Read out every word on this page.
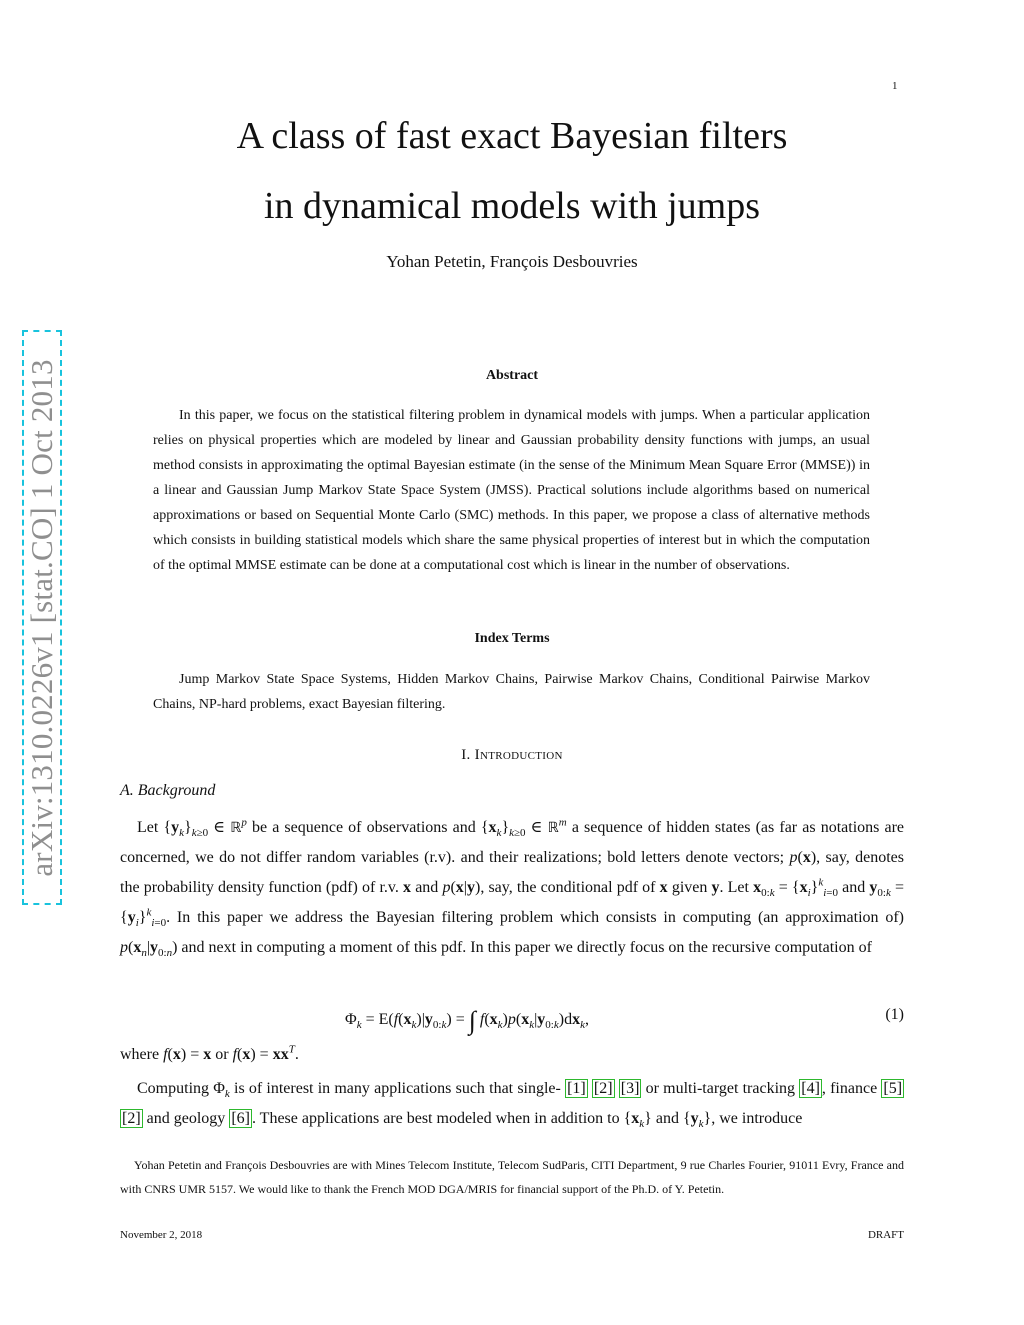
1
A class of fast exact Bayesian filters
in dynamical models with jumps
Yohan Petetin, François Desbouvries
arXiv:1310.0226v1 [stat.CO] 1 Oct 2013	Abstract
In this paper, we focus on the statistical filtering problem in dynamical models with jumps. When a particular application relies on physical properties which are modeled by linear and Gaussian probability density functions with jumps, an usual method consists in approximating the optimal Bayesian estimate (in the sense of the Minimum Mean Square Error (MMSE)) in a linear and Gaussian Jump Markov State Space System (JMSS). Practical solutions include algorithms based on numerical approximations or based on Sequential Monte Carlo (SMC) methods. In this paper, we propose a class of alternative methods which consists in building statistical models which share the same physical properties of interest but in which the computation of the optimal MMSE estimate can be done at a computational cost which is linear in the number of observations.
Index Terms
Jump Markov State Space Systems, Hidden Markov Chains, Pairwise Markov Chains, Conditional Pairwise Markov Chains, NP-hard problems, exact Bayesian filtering.
I. Introduction
A. Background
Let $\{y_k\}_{k\ge 0}$ ∈ ℝ$^p$ be a sequence of observations and $\{x_k\}_{k\ge 0}$ ∈ ℝ$^m$ a sequence of hidden states (as far as notations are concerned, we do not differ random variables (r.v). and their realizations; bold letters denote vectors; p(x), say, denotes the probability density function (pdf) of r.v. x and p(x|y), say, the conditional pdf of x given y. Let $x_{0:k} = \{x_i\}^k_{i=0}$ and $y_{0:k} = \{y_i\}^k_{i=0}$. In this paper we address the Bayesian filtering problem which consists in computing (an approximation of) $p(x_n|y_{0:n})$ and next in computing a moment of this pdf. In this paper we directly focus on the recursive computation of
$\Phi_k = E(f(x_k)|y_{0:k})$ = ∫ $f(x_k)p(x_k|y_{0:k})dx_k$,	(1)
where f(x) = x or $f(x) = xx^T$.
Computing $\Phi_k$ is of interest in many applications such that single- [1] [2] [3] or multi-target tracking [4] , finance [5] [2] and geology [6] . These applications are best modeled when in addition to $\{x_k\}$ and $\{y_k\}$, we introduce
Yohan Petetin and François Desbouvries are with Mines Telecom Institute, Telecom SudParis, CITI Department, 9 rue Charles Fourier, 91011 Evry, France and with CNRS UMR 5157. We would like to thank the French MOD DGA/MRIS for financial support of the Ph.D. of Y. Petetin.
November 2, 2018	DRAFT
